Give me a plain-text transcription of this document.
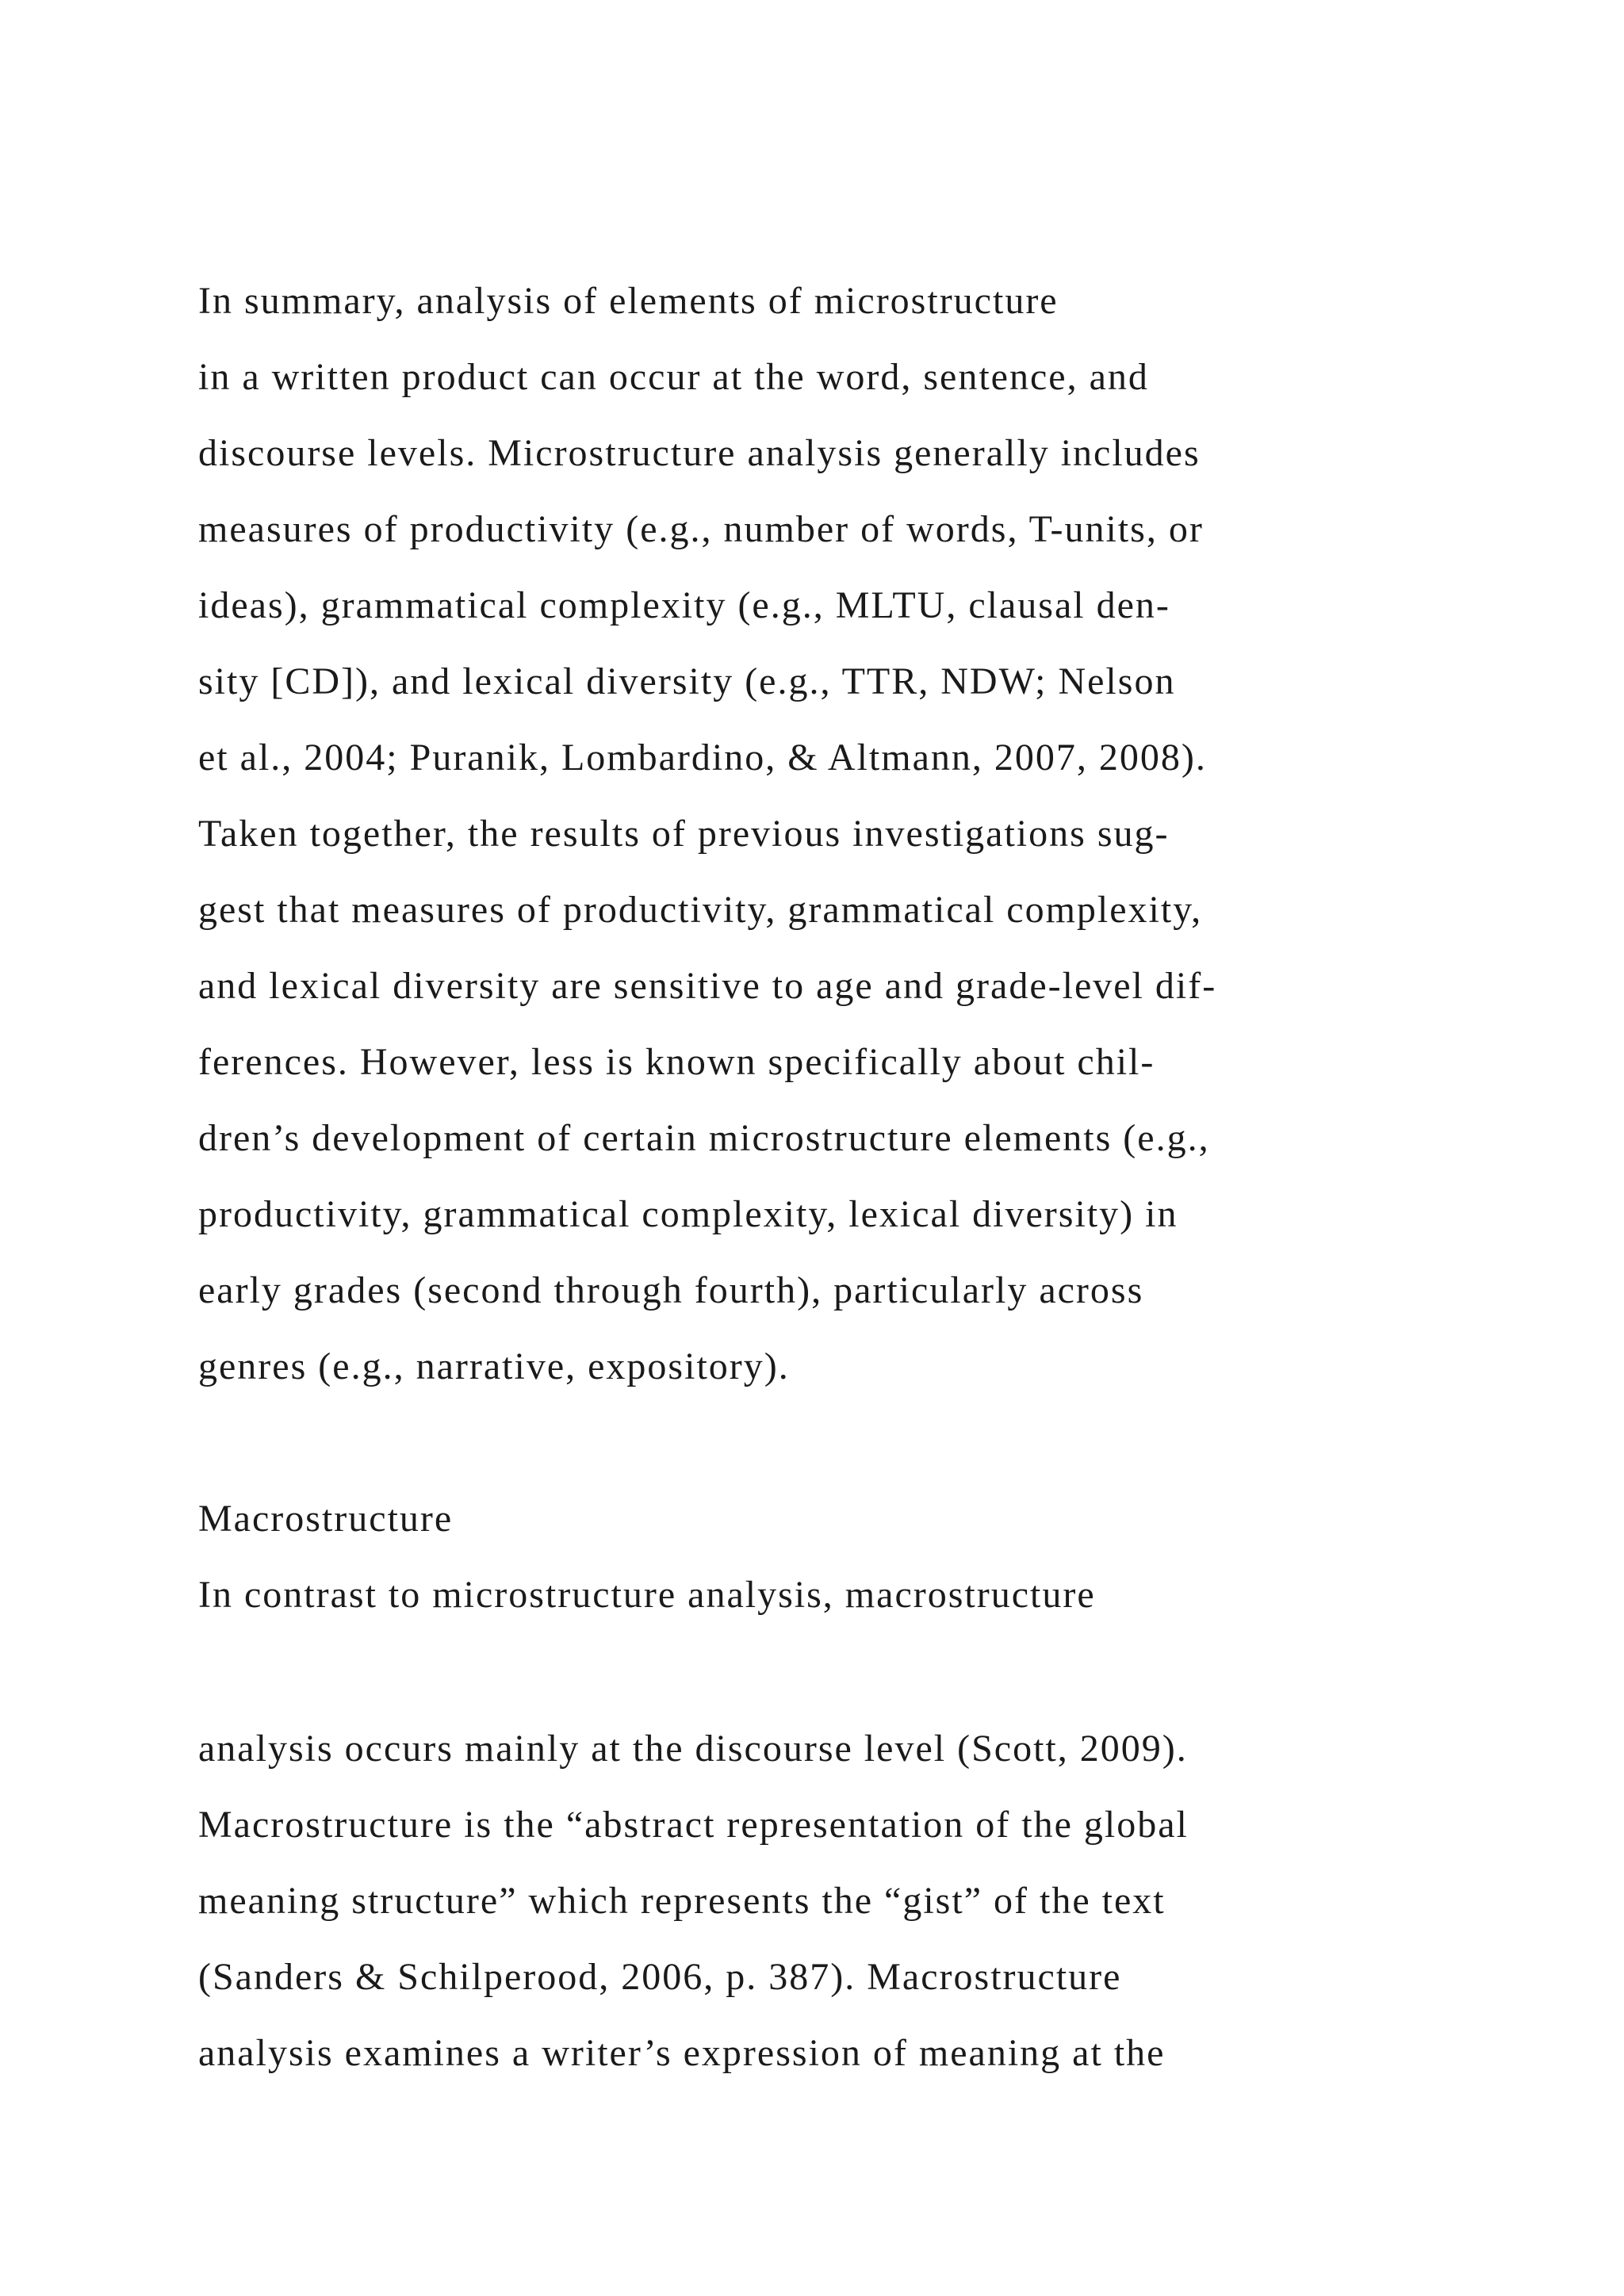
In summary, analysis of elements of microstructure
in a written product can occur at the word, sentence, and
discourse levels. Microstructure analysis generally includes
measures of productivity (e.g., number of words, T-units, or
ideas), grammatical complexity (e.g., MLTU, clausal den-
sity [CD]), and lexical diversity (e.g., TTR, NDW; Nelson
et al., 2004; Puranik, Lombardino, & Altmann, 2007, 2008).
Taken together, the results of previous investigations sug-
gest that measures of productivity, grammatical complexity,
and lexical diversity are sensitive to age and grade-level dif-
ferences. However, less is known specifically about chil-
dren’s development of certain microstructure elements (e.g.,
productivity, grammatical complexity, lexical diversity) in
early grades (second through fourth), particularly across
genres (e.g., narrative, expository).
Macrostructure
In contrast to microstructure analysis, macrostructure
analysis occurs mainly at the discourse level (Scott, 2009).
Macrostructure is the “abstract representation of the global
meaning structure” which represents the “gist” of the text
(Sanders & Schilperood, 2006, p. 387). Macrostructure
analysis examines a writer’s expression of meaning at the
